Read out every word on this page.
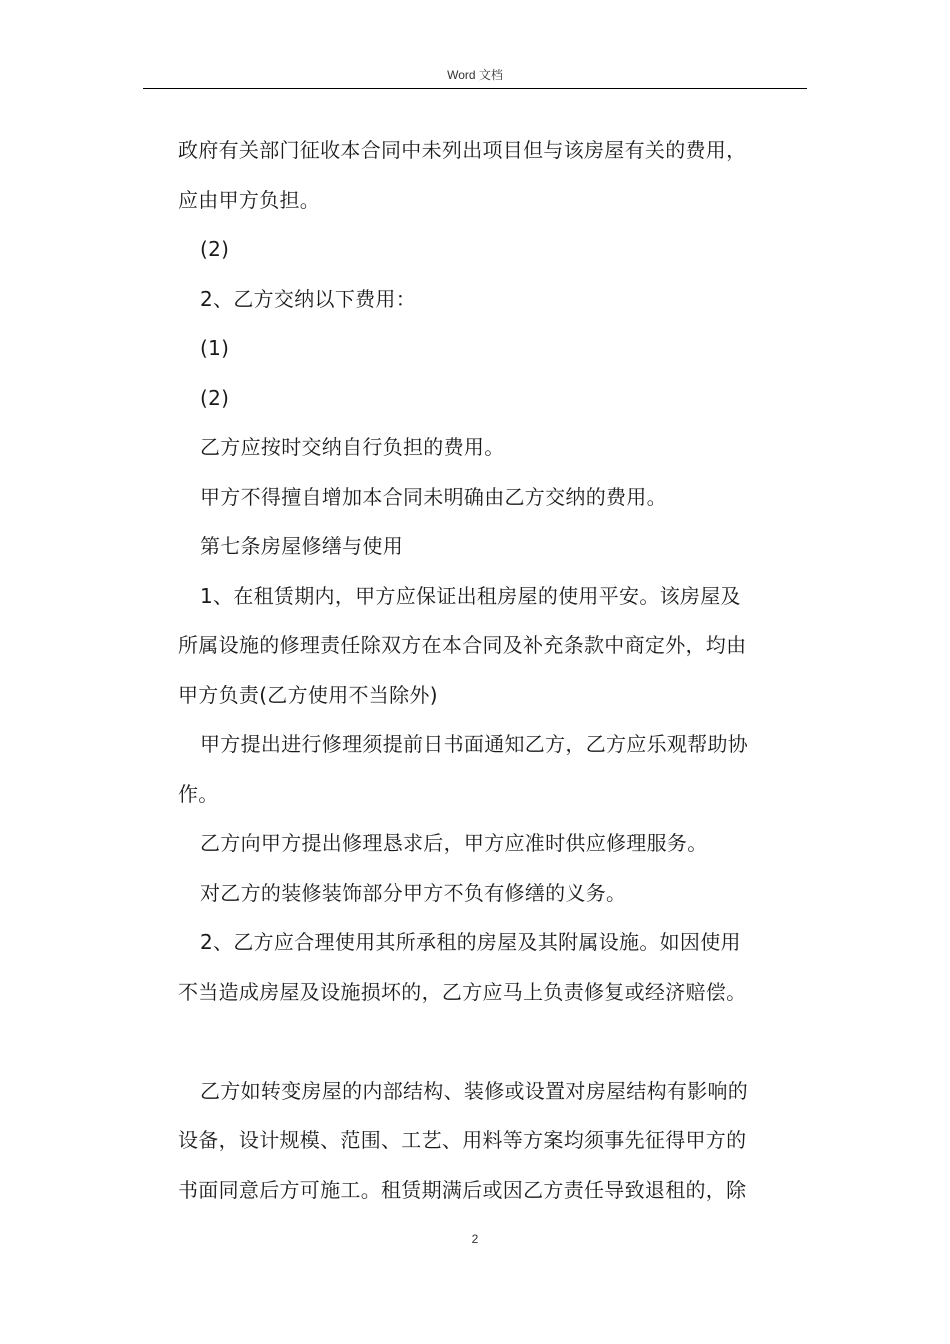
Word 文档
政府有关部门征收本合同中未列出项目但与该房屋有关的费用，
应由甲方负担。
(2)
2、乙方交纳以下费用：
(1)
(2)
乙方应按时交纳自行负担的费用。
甲方不得擅自增加本合同未明确由乙方交纳的费用。
第七条房屋修缮与使用
1、在租赁期内，甲方应保证出租房屋的使用平安。该房屋及
所属设施的修理责任除双方在本合同及补充条款中商定外，均由
甲方负责(乙方使用不当除外)
甲方提出进行修理须提前日书面通知乙方，乙方应乐观帮助协
作。
乙方向甲方提出修理恳求后，甲方应准时供应修理服务。
对乙方的装修装饰部分甲方不负有修缮的义务。
2、乙方应合理使用其所承租的房屋及其附属设施。如因使用
不当造成房屋及设施损坏的，乙方应马上负责修复或经济赔偿。
乙方如转变房屋的内部结构、装修或设置对房屋结构有影响的
设备，设计规模、范围、工艺、用料等方案均须事先征得甲方的
书面同意后方可施工。租赁期满后或因乙方责任导致退租的，除
2
